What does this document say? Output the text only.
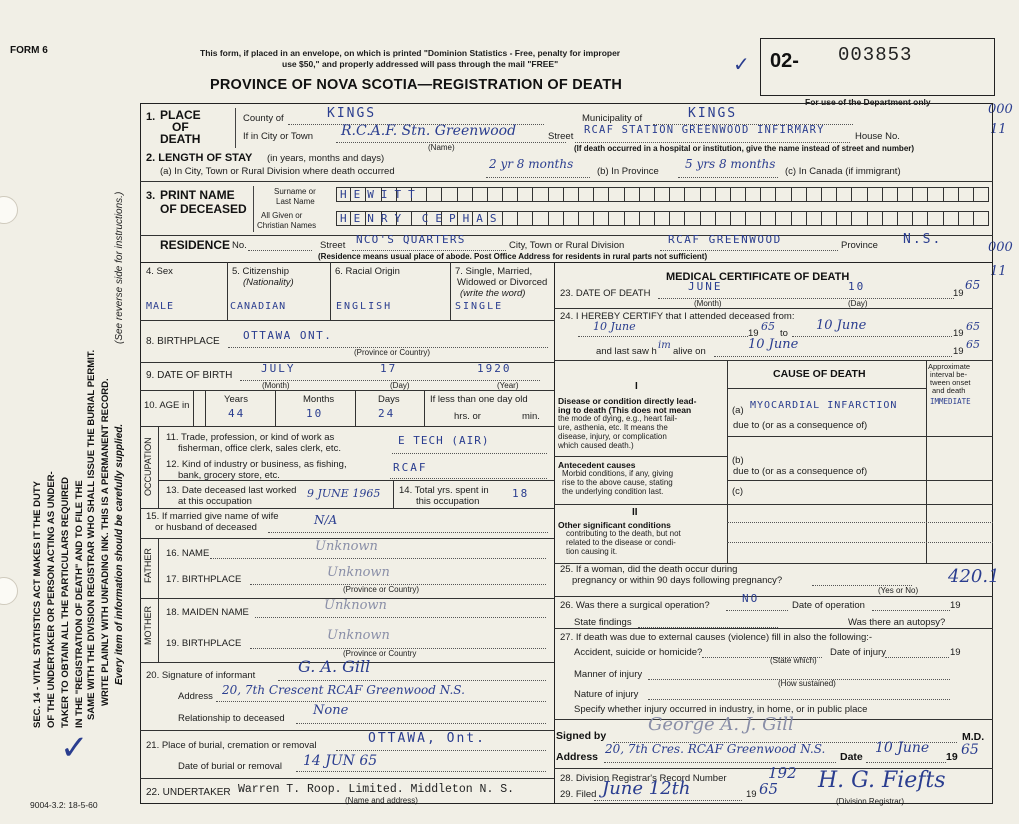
FORM 6	This form, if placed in an envelope, on which is printed "Dominion Statistics - Free, penalty for improper
use $50," and properly addressed will pass through the mail "FREE"
PROVINCE OF NOVA SCOTIA—REGISTRATION OF DEATH
02- 003853
✓
For use of the Department only	000
11
000
11
SEC. 14 - VITAL STATISTICS ACT MAKES IT THE DUTY OF THE UNDERTAKER OR PERSON ACTING AS UNDER- TAKER TO OBTAIN ALL THE PARTICULARS REQUIRED IN THE "REGISTRATION OF DEATH" AND TO FILE THE SAME WITH THE DIVISION REGISTRAR WHO SHALL ISSUE THE BURIAL PERMIT. WRITE PLAINLY WITH UNFADING INK. THIS IS A PERMANENT RECORD.
(See reverse side for instructions.)
Every item of information should be carefully supplied.
1. PLACE
OF
DEATH
County of	KINGS	Municipality of	KINGS
If in City or Town R.C.A.F. Stn. Greenwood
(Name)
Street
RCAF STATION GREENWOOD INFIRMARY
House No.
(If death occurred in a hospital or institution, give the name instead of street and number)
2. LENGTH OF STAY (in years, months and days)
(a) In City, Town or Rural Division where death occurred
2 yr 8 months
(b) In Province
5 yrs 8 months
(c) In Canada (if immigrant)
3. PRINT NAME
OF DECEASED
Surname or
Last Name
All Given or
Christian Names
HEWITT
HENRY CEPHAS
RESIDENCE No.	Street NCO'S QUARTERS	City, Town or Rural Division	RCAF GREENWOOD	Province N.S.
(Residence means usual place of abode. Post Office Address for residents in rural parts not sufficient)
4. Sex
MALE
5. Citizenship
(Nationality)
CANADIAN
6. Racial Origin
ENGLISH
7. Single, Married,
Widowed or Divorced
(write the word)
SINGLE
8. BIRTHPLACE OTTAWA ONT.
(Province or Country)
9. DATE OF BIRTH
JULY	17	1920
(Month)	(Day)	(Year)
10. AGE in
Years
44
Months
10
Days
24
If less than one day old
hrs. or	min.
OCCUPATION 11. Trade, profession, or kind of work as
fisherman, office clerk, sales clerk, etc.
E TECH (AIR)
12. Kind of industry or business, as fishing,
bank, grocery store, etc.
RCAF
13. Date deceased last worked
at this occupation
9 JUNE 1965 14. Total yrs. spent in
this occupation
18
15. If married give name of wife
or husband of deceased
N/A
FATHER 16. NAME	Unknown
17. BIRTHPLACE	Unknown
(Province or Country)
MOTHER 18. MAIDEN NAME	Unknown
19. BIRTHPLACE
Unknown
(Province or Country
20. Signature of informant	G. A. Gill
Address 20, 7th Crescent RCAF Greenwood N.S.
Relationship to deceased
None
21. Place of burial, cremation or removal	OTTAWA, Ont.
Date of burial or removal 14 JUN 65
22. UNDERTAKER Warren T. Roop. Limited. Middleton N. S.
(Name and address)
9004-3.2: 18-5-60
✓
MEDICAL CERTIFICATE OF DEATH
23. DATE OF DEATH
JUNE	10
19
65
(Month)	(Day)
24. I HEREBY CERTIFY that I attended deceased from:
10 June
19
65
to
10 June
19
65
and last saw h
im
alive on	10 June	19
65
CAUSE OF DEATH
Approximate
interval be-
tween onset
and death
I
Disease or condition directly lead-
ing to death (This does not mean
the mode of dying, e.g., heart fail-
ure, asthenia, etc. It means the
disease, injury, or complication
which caused death.)
(a) MYOCARDIAL INFARCTION	IMMEDIATE
due to (or as a consequence of)
Antecedent causes
Morbid conditions, if any, giving
rise to the above cause, stating
the underlying condition last.
(b)
due to (or as a consequence of)
(c)
II
Other significant conditions
contributing to the death, but not
related to the disease or condi-
tion causing it.
25. If a woman, did the death occur during
pregnancy or within 90 days following pregnancy?
(Yes or No)
420.1
26. Was there a surgical operation?
NO
Date of operation	19
State findings	Was there an autopsy?
27. If death was due to external causes (violence) fill in also the following:-
Accident, suicide or homicide?
(State which)
Date of injury	19
Manner of injury
(How sustained)
Nature of injury
Specify whether injury occurred in industry, in home, or in public place
Signed by
George A. J. Gill
M.D.
Address
20, 7th Cres. RCAF Greenwood N.S.
Date
10 June
19 65
28. Division Registrar's Record Number	192
29. Filed June 12th	19 65 H. G. Fiefts
(Division Registrar)
